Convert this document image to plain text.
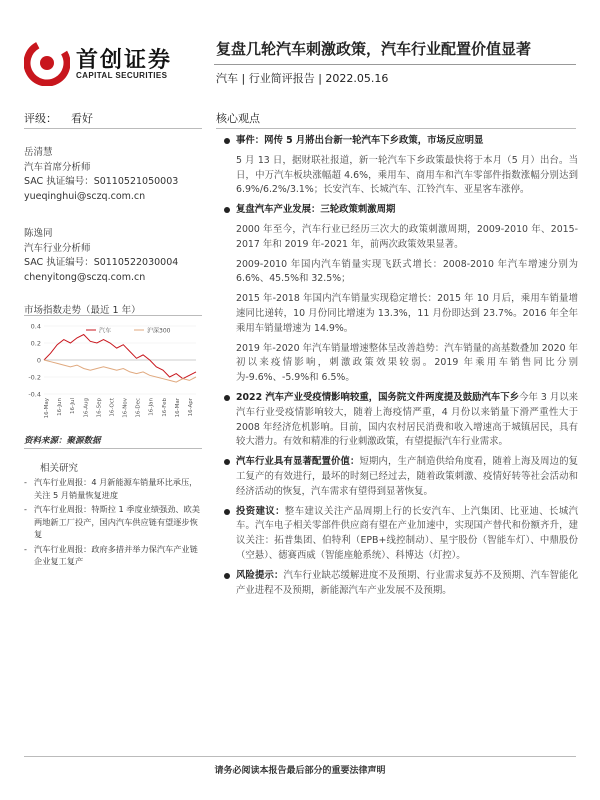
首创证券
CAPITAL SECURITIES
复盘几轮汽车刺激政策，汽车行业配置价值显著
汽车 | 行业简评报告 | 2022.05.16
评级： 看好
岳清慧
汽车首席分析师
SAC 执证编号：S0110521050003
yueqinghui@sczq.com.cn
陈逸同
汽车行业分析师
SAC 执证编号：S0110522030004
chenyitong@sczq.com.cn
市场指数走势（最近 1 年）
0.4
0.2
0
-0.2
-0.4
16-May 16-Jun 16-Jul 16-Aug 16-Sep 16-Oct 16-Nov 16-Dec 16-Jan 16-Feb 16-Mar 16-Apr
汽车	沪深300
资料来源：聚源数据
相关研究
- 汽车行业周报：4 月新能源车销量环比承压，关注 5 月销量恢复进度
- 汽车行业周报：特斯拉 1 季度业绩强劲、欧美两地新工厂投产，国内汽车供应链有望逐步恢复
- 汽车行业周报：政府多措并举力保汽车产业链企业复工复产
核心观点
事件：网传 5 月將出台新一轮汽车下乡政策，市场反应明显
5 月 13 日，据财联社报道，新一轮汽车下乡政策最快将于本月（5 月）出台。当日，中万汽车板块涨幅超 4.6%，乘用车、商用车和汽车零部件指数涨幅分别达到 6.9%/6.2%/3.1%；长安汽车、长城汽车、江铃汽车、亚星客车涨停。
复盘汽车产业发展：三轮政策刺激周期
2000 年至今，汽车行业已经历三次大的政策刺激周期，2009-2010 年、2015-2017 年和 2019 年-2021 年，前两次政策效果显著。
2009-2010 年国内汽车销量实现飞跃式增长：2008-2010 年汽车增速分别为 6.6%、45.5%和 32.5%；
2015 年-2018 年国内汽车销量实现稳定增长：2015 年 10 月后，乘用车销量增速同比递转，10 月份同比增速为 13.3%，11 月份即达到 23.7%。2016 年全年乘用车销量增速为 14.9%。
2019 年-2020 年汽车销量增速整体呈改善趋势：汽车销量的高基数叠加 2020 年初以来疫情影响，刺激政策效果较弱。2019 年乘用车销售同比分别为-9.6%、-5.9%和 6.5%。
2022 汽车产业受疫情影响较重，国务院文件两度提及鼓励汽车下乡今年 3 月以来汽车行业受疫情影响较大，随着上海疫情严重，4 月份以来销量下滑严重性大于 2008 年经济危机影响。目前，国内农村居民消费和收入增速高于城镇居民，具有较大潜力。有效和精准的行业刺激政策，有望提振汽车行业需求。
汽车行业具有显著配置价值：短期内，生产制造供给角度看，随着上海及周边的复工复产的有效进行，最坏的时刻已经过去，随着政策刺激、疫情好转等社会活动和经济活动的恢复，汽车需求有望得到显著恢复。
投资建议：整车建议关注产品周期上行的长安汽车、上汽集团、比亚迪、长城汽车。汽车电子相关零部件供应商有望在产业加速中，实现国产替代和份额齐升，建议关注：拓普集团、伯特利（EPB+线控制动）、星宇股份（智能车灯）、中鼎股份（空悬）、德赛西威（智能座舱系统）、科博达（灯控）。
风险提示：汽车行业缺芯缓解进度不及预期、行业需求复苏不及预期、汽车智能化产业进程不及预期，新能源汽车产业发展不及预期。
请务必阅读本报告最后部分的重要法律声明
